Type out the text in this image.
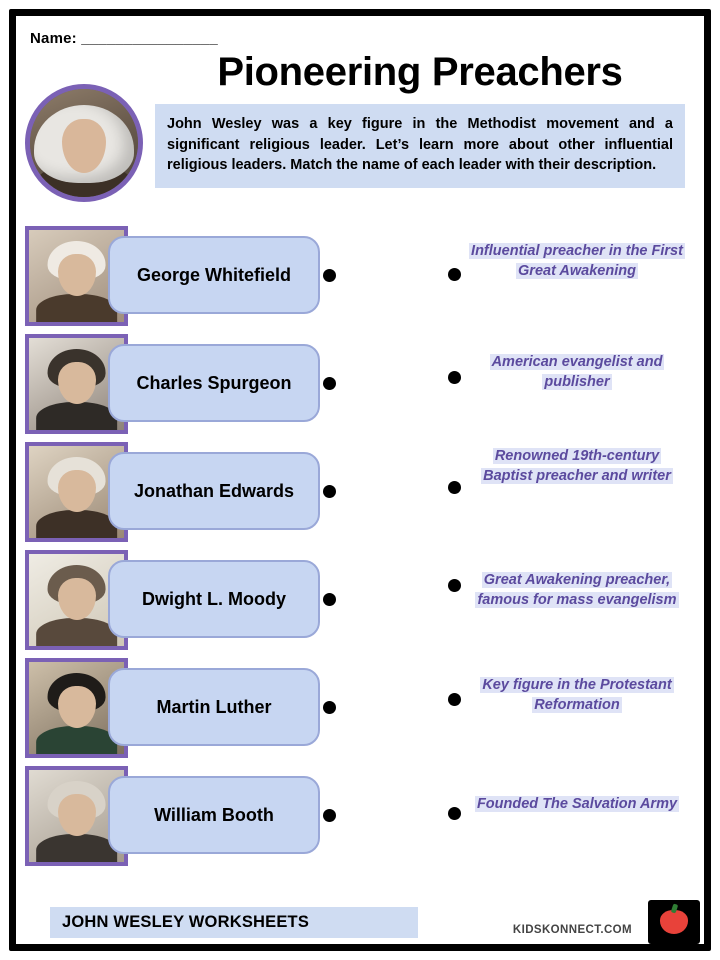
Name: ________________
Pioneering Preachers
John Wesley was a key figure in the Methodist movement and a significant religious leader. Let’s learn more about other influential religious leaders. Match the name of each leader with their description.
George Whitefield
Influential preacher in the First Great Awakening
Charles Spurgeon
American evangelist and publisher
Jonathan Edwards
Renowned 19th-century Baptist preacher and writer
Dwight L. Moody
Great Awakening preacher, famous for mass evangelism
Martin Luther
Key figure in the Protestant Reformation
William Booth
Founded The Salvation Army
JOHN WESLEY WORKSHEETS	KIDSKONNECT.COM
